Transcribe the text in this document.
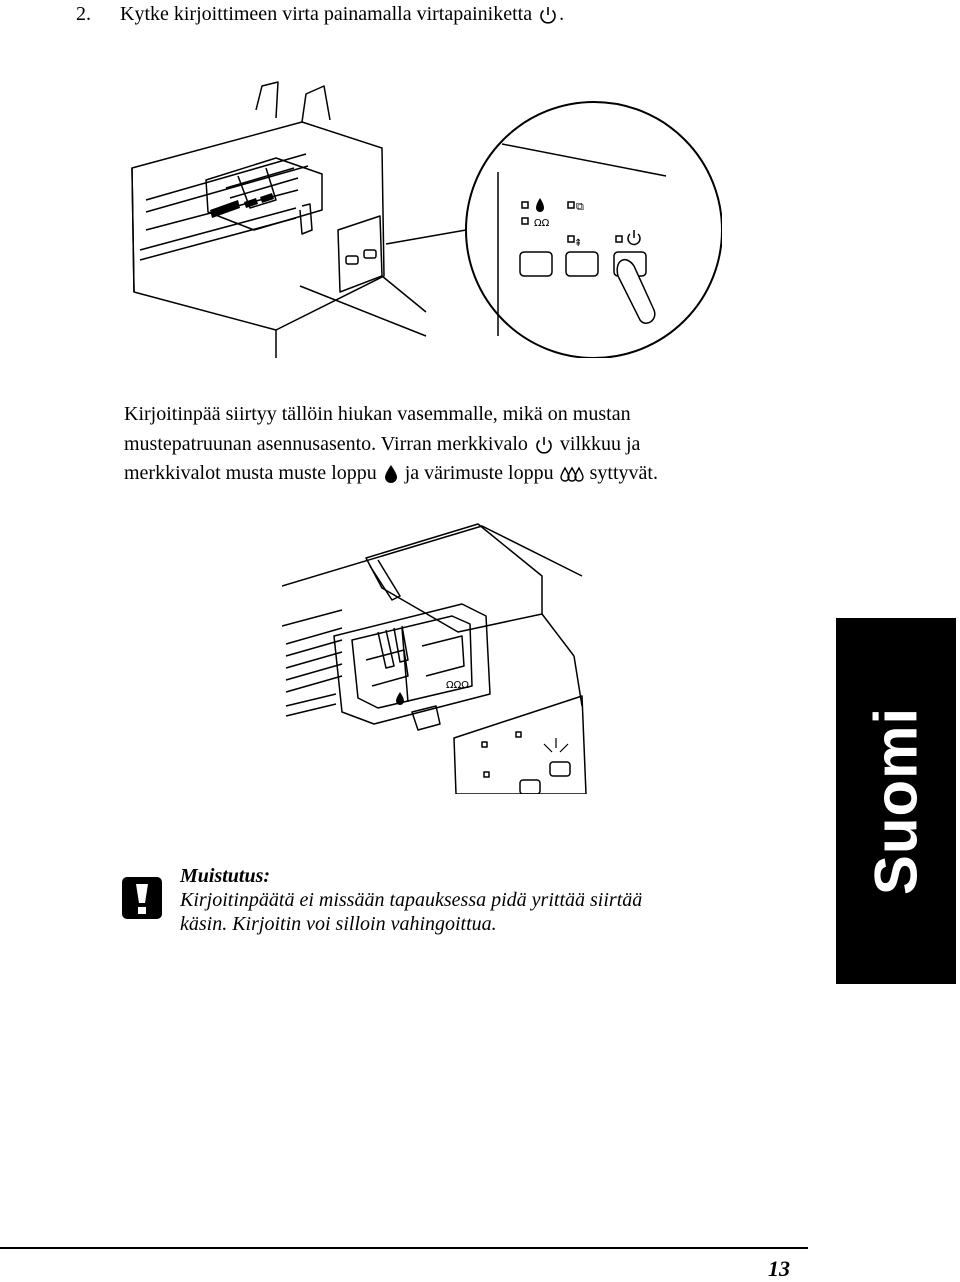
2. Kytke kirjoittimeen virta painamalla virtapainiketta .
ΩΩ
⧉
⇞
Kirjoitinpää siirtyy tällöin hiukan vasemmalle, mikä on mustan
mustepatruunan asennusasento. Virran merkkivalo vilkkuu ja
merkkivalot musta muste loppu ja värimuste loppu syttyvät.
ΩΩΩ
Muistutus:
Kirjoitinpäätä ei missään tapauksessa pidä yrittää siirtää
käsin. Kirjoitin voi silloin vahingoittua.
Suomi
13
